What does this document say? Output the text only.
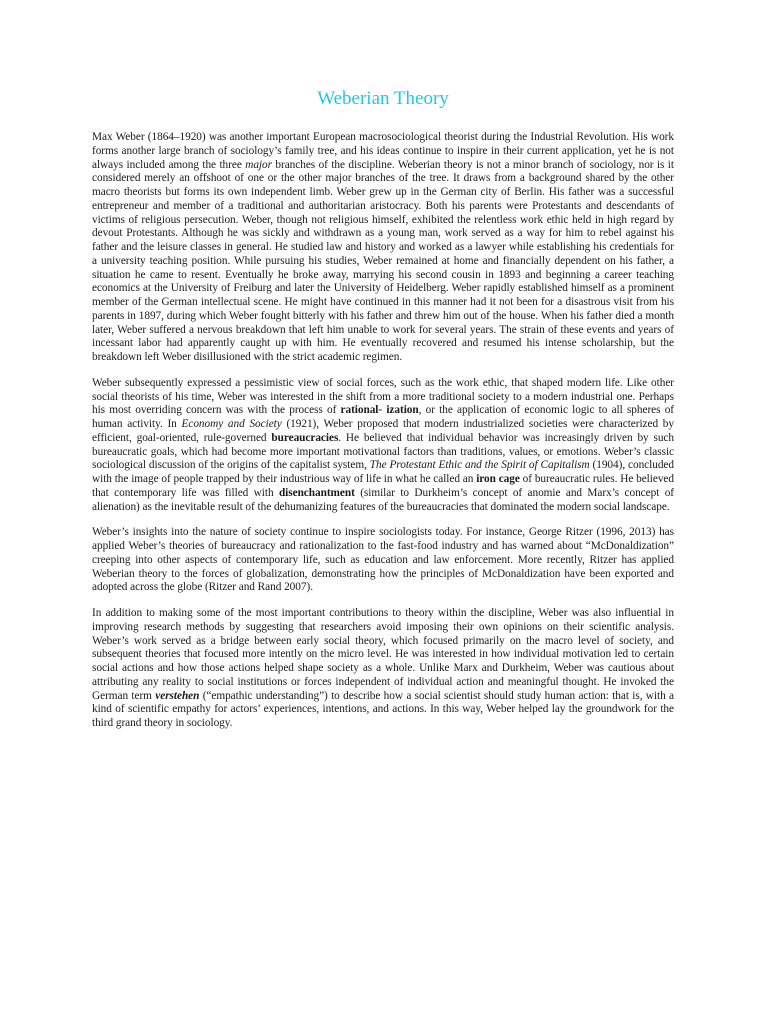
Weberian Theory

Max Weber (1864–1920) was another important European macrosociological theorist during the Industrial Revolution. His work forms another large branch of sociology’s family tree, and his ideas continue to inspire in their current application, yet he is not always included among the three major branches of the discipline. Weberian theory is not a minor branch of sociology, nor is it considered merely an offshoot of one or the other major branches of the tree. It draws from a background shared by the other macro theorists but forms its own independent limb. Weber grew up in the German city of Berlin. His father was a successful entrepreneur and member of a traditional and authoritarian aristocracy. Both his parents were Protestants and descendants of victims of religious persecution. Weber, though not religious himself, exhibited the relentless work ethic held in high regard by devout Protestants. Although he was sickly and withdrawn as a young man, work served as a way for him to rebel against his father and the leisure classes in general. He studied law and history and worked as a lawyer while establishing his credentials for a university teaching position. While pursuing his studies, Weber remained at home and financially dependent on his father, a situation he came to resent. Eventually he broke away, marrying his second cousin in 1893 and beginning a career teaching economics at the University of Freiburg and later the University of Heidelberg. Weber rapidly established himself as a prominent member of the German intellectual scene. He might have continued in this manner had it not been for a disastrous visit from his parents in 1897, during which Weber fought bitterly with his father and threw him out of the house. When his father died a month later, Weber suffered a nervous breakdown that left him unable to work for several years. The strain of these events and years of incessant labor had apparently caught up with him. He eventually recovered and resumed his intense scholarship, but the breakdown left Weber disillusioned with the strict academic regimen.

Weber subsequently expressed a pessimistic view of social forces, such as the work ethic, that shaped modern life. Like other social theorists of his time, Weber was interested in the shift from a more traditional society to a modern industrial one. Perhaps his most overriding concern was with the process of rational- ization, or the application of economic logic to all spheres of human activity. In Economy and Society (1921), Weber proposed that modern industrialized societies were characterized by efficient, goal-oriented, rule-governed bureaucracies. He believed that individual behavior was increasingly driven by such bureaucratic goals, which had become more important motivational factors than traditions, values, or emotions. Weber’s classic sociological discussion of the origins of the capitalist system, The Protestant Ethic and the Spirit of Capitalism (1904), concluded with the image of people trapped by their industrious way of life in what he called an iron cage of bureaucratic rules. He believed that contemporary life was filled with disenchantment (similar to Durkheim’s concept of anomie and Marx’s concept of alienation) as the inevitable result of the dehumanizing features of the bureaucracies that dominated the modern social landscape.

Weber’s insights into the nature of society continue to inspire sociologists today. For instance, George Ritzer (1996, 2013) has applied Weber’s theories of bureaucracy and rationalization to the fast-food industry and has warned about “McDonaldization” creeping into other aspects of contemporary life, such as education and law enforcement. More recently, Ritzer has applied Weberian theory to the forces of globalization, demonstrating how the principles of McDonaldization have been exported and adopted across the globe (Ritzer and Rand 2007).

In addition to making some of the most important contributions to theory within the discipline, Weber was also influential in improving research methods by suggesting that researchers avoid imposing their own opinions on their scientific analysis. Weber’s work served as a bridge between early social theory, which focused primarily on the macro level of society, and subsequent theories that focused more intently on the micro level. He was interested in how individual motivation led to certain social actions and how those actions helped shape society as a whole. Unlike Marx and Durkheim, Weber was cautious about attributing any reality to social institutions or forces independent of individual action and meaningful thought. He invoked the German term verstehen (“empathic understanding”) to describe how a social scientist should study human action: that is, with a kind of scientific empathy for actors’ experiences, intentions, and actions. In this way, Weber helped lay the groundwork for the third grand theory in sociology.
